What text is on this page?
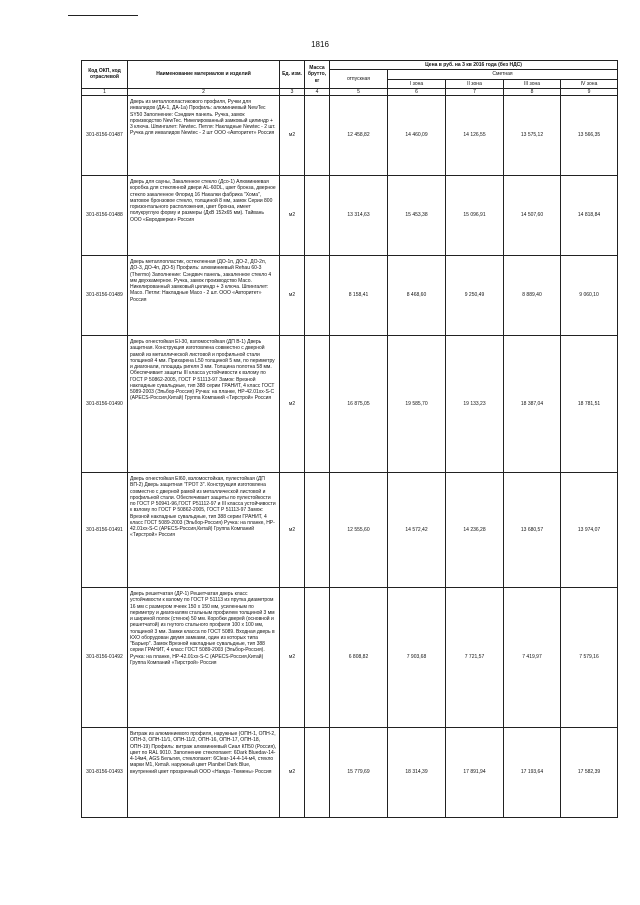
1816
Код ОКП, код отраслевой	Наименование материалов и изделий	Ед. изм.	Масса брутто, кг	Цена в руб. на 3 кв 2016 года (без НДС)				
				отпускная	Сметная			
					I зона	II зона	III зона	IV зона
1	2	3	4	5	6	7	8	9
301-8156-01487	Дверь из металлопластикового профиля, Ручки для инвалидов (ДА-1, ДА-1а) Профиль: алюминиевый NewTec SY50 Заполнение: Сэндвич панель. Ручка, замок производство NewTec. Никелированный замковый цилиндр + 3 ключа. Шпингалет: Newtec. Петля: Накладные Newtec - 2 шт. Ручка для инвалидов Newtec - 2 шт ООО «Авторитет» Россия	м2		12 458,82	14 460,09	14 126,55	13 575,12	13 566,35
301-8156-01488	Дверь для сауны, Закаленное стекло (Дсо-1) Алюминиевая коробка для стеклянной двери AL-60DL, цвет бронза, дверное стекло закаленное Флорид 16 Накалки фабрика "Хома", матовое бронзовое стекло, толщиной 8 мм, замок Серии 800 горизонтального расположения, цвет бронза, имеет полукруглую форму и размеры (ДхВ 152х65 мм). Тайвань ООО «Евродверки» Россия	м2		13 314,63	15 453,38	15 096,91	14 507,60	14 818,84
301-8156-01489	Дверь металлопластик, остекленная (ДО-1п, ДО-2, ДО-2п, ДО-3, ДО-4п, ДО-5) Профиль: алюминиевый Rehau 60-3 (Thermo) Заполнение: Сэндвич панель, закаленное стекло 4 мм двухкамерное. Ручка, замок производство Масо. Никелированный замковый цилиндр + 3 ключа. Шпингалет: Масо. Петли: Накладные Масо - 2 шт. ООО «Авторитет» Россия	м2		8 158,41	8 468,60	9 250,49	8 889,40	9 060,10
301-8156-01490	Дверь огнестойкая EI-30, взломостойкая (ДП В-1) Дверь защитная. Конструкция изготовлена совместно с дверной рамой из металлической листовой и профильной стали толщиной 4 мм. Прихарена L50 толщиной 5 мм, по периметру и диагонали, площадь ригеля 3 мм. Толщина полотна 58 мм. Обеспечивает защиты III класса устойчивости к взлому по ГОСТ Р 50862-2005, ГОСТ Р 51113-97 Замок: Врезной накладные сувальдные, тип 388 серии ГРАНИТ, 4 класс ГОСТ 5089-2003 (Эльбор-Россия) Ручка: на планке, HP-42.01xx-S-C (APECS-Россия,Китай) Группа Компаний «Тирстрой» Россия	м2		16 875,05	19 585,70	19 133,23	18 387,04	18 781,51
301-8156-01491	Дверь огнестойкая EI60, взломостойкая, пулестойкая (ДП ВП-2) Дверь защитная "ГРОТ 3". Конструкция изготовлена совместно с дверной рамой из металлической листовой и профильной стали. Обеспечивает защиты по пулестойкости по ГОСТ Р 50941-96,ГОСТ Р51112-97 и III класса устойчивости к взлому по ГОСТ Р 50862-2005, ГОСТ Р 51113-97 Замок: Врезной накладные сувальдные, тип 388 серии ГРАНИТ, 4 класс ГОСТ 5089-2003 (Эльбор-Россия) Ручка: на планке, HP-42.01xx-S-C (APECS-Россия,Китай) Группа Компаний «Тирстрой» Россия	м2		12 555,60	14 572,42	14 236,28	13 680,57	13 974,07
301-8156-01492	Дверь решетчатая (ДР-1) Решетчатая дверь класс устойчивости к взлому по ГОСТ Р 51113 из прутка диаметром 16 мм с размером ячеек 150 х 150 мм, усиленным по периметру и диагоналям стальным профилем толщиной 3 мм и шириной полок (стенок) 50 мм. Коробки дверей (основной и решетчатой) из гнутого стального профиля 100 х 100 мм, толщиной 3 мм. Замки класса по ГОСТ 5089. Входная дверь в КХО оборудован двумя замками, один из которых типа "Барьер". Замок Врезной накладные сувальдные, тип 388 серии ГРАНИТ, 4 класс ГОСТ 5089-2003 (Эльбор-Россия). Ручка: на планке, HP-42.01xx-S-C (APECS-Россия,Китай) Группа Компаний «Тирстрой» Россия	м2		6 808,82	7 903,68	7 721,57	7 419,97	7 579,16
301-8156-01493	Витраж из алюминиевого профиля, наружные (ОПН-1, ОПН-2, ОПН-3, ОПН-11/1, ОПН-11/2, ОПН-16, ОПН-17, ОПН-18, ОПН-19) Профиль: витраж алюминиевый Сиал КП50 (Россия), цвет по RAL 9010. Заполнение стеклопакет: 6Dark Bluedav-14-4-14м4, AGS Бельгия, стеклопакет: 6Clear-14-4-14-м4, стекло марки М1, Китай. наружный цвет Planibel Dark Blue, внутренний цвет прозрачный ООО «Наяда -Тюмень» Россия	м2		15 779,69	18 314,39	17 891,94	17 193,64	17 582,39
